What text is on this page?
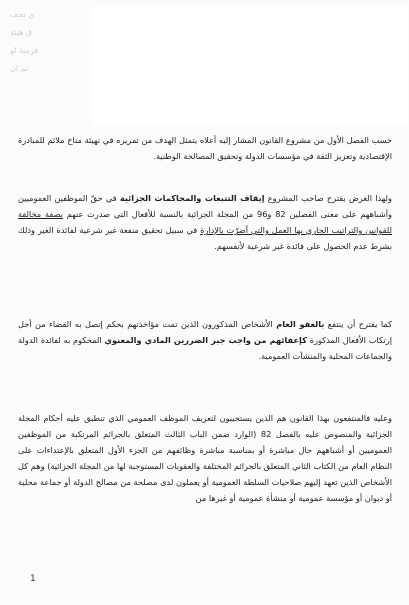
ي تحف
ق هيئة
قزمية لو
ثم ان

حسب الفصل الأول من مشروع القانون المشار إليه أعلاه يتمثل الهدف من تمريره في تهيئة مناخ ملائم للمبادرة الإقتصادية وتعزيز الثقة في مؤسسات الدولة وتحقيق المصالحة الوطنية.

ولهذا الغرض يقترح صاحب المشروع إيقاف التتبعات والمحاكمات الجزائية في حقّ الموظفين العموميين وأشباههم على معنى الفصلين 82 و96 من المجلة الجزائية بالنسبة للأفعال التي صدرت عنهم بصفة مخالفة للقوانين والتراتيب الجاري بها العمل والتي أضرّت بالإدارة في سبيل تحقيق منفعة غير شرعية لفائدة الغير وذلك بشرط عدم الحصول على فائدة غير شرعية لأنفسهم.

كما يقترح أن ينتفع بالعفو العام الأشخاص المذكورون الذين تمت مؤاخذتهم بحكم إتصل به القضاء من أجل إرتكاب الأفعال المذكورة كإعفائهم من واجب جبر الضررين المادي والمعنوي المحكوم به لفائدة الدولة والجماعات المحلية والمنشآت العمومية.

وعليه فالمنتفعون بهذا القانون هم الذين يستجيبون لتعريف الموظف العمومي الذي تنطبق عليه أحكام المجلة الجزائية والمنصوص عليه بالفصل 82 (الوارد ضمن الباب الثالث المتعلق بالجرائم المرتكبة من الموظفين العموميين أو أشباههم حال مباشرة أو بمناسبة مباشرة وظائفهم من الجزء الأول المتعلق بالإعتداءات على النظام العام من الكتاب الثاني المتعلق بالجرائم المختلفة والعقوبات المستوجبة لها من المجلة الجزائية) وهم كل الأشخاص الذين تعهد إليهم صلاحيات السلطة العمومية أو يعملون لدى مصلحة من مصالح الدولة أو جماعة محلية أو ديوان أو مؤسسة عمومية أو منشأة عمومية أو غيرها من

1
